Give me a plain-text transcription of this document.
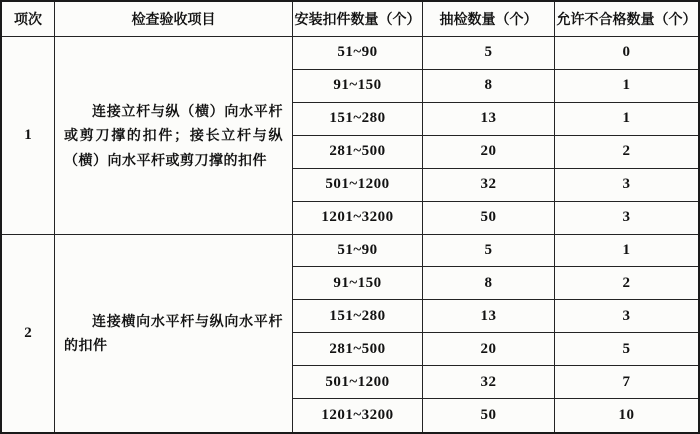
项次	检查验收项目	安装扣件数量（个）	抽检数量（个）	允许不合格数量（个）
1
连接立杆与纵（横）向水平杆或剪刀撑的扣件；接长立杆与纵（横）向水平杆或剪刀撑的扣件
51~90	5	0
91~150	8	1
151~280	13	1
281~500	20	2
501~1200	32	3
1201~3200	50	3
2
连接横向水平杆与纵向水平杆的扣件
51~90	5	1
91~150	8	2
151~280	13	3
281~500	20	5
501~1200	32	7
1201~3200	50	10
